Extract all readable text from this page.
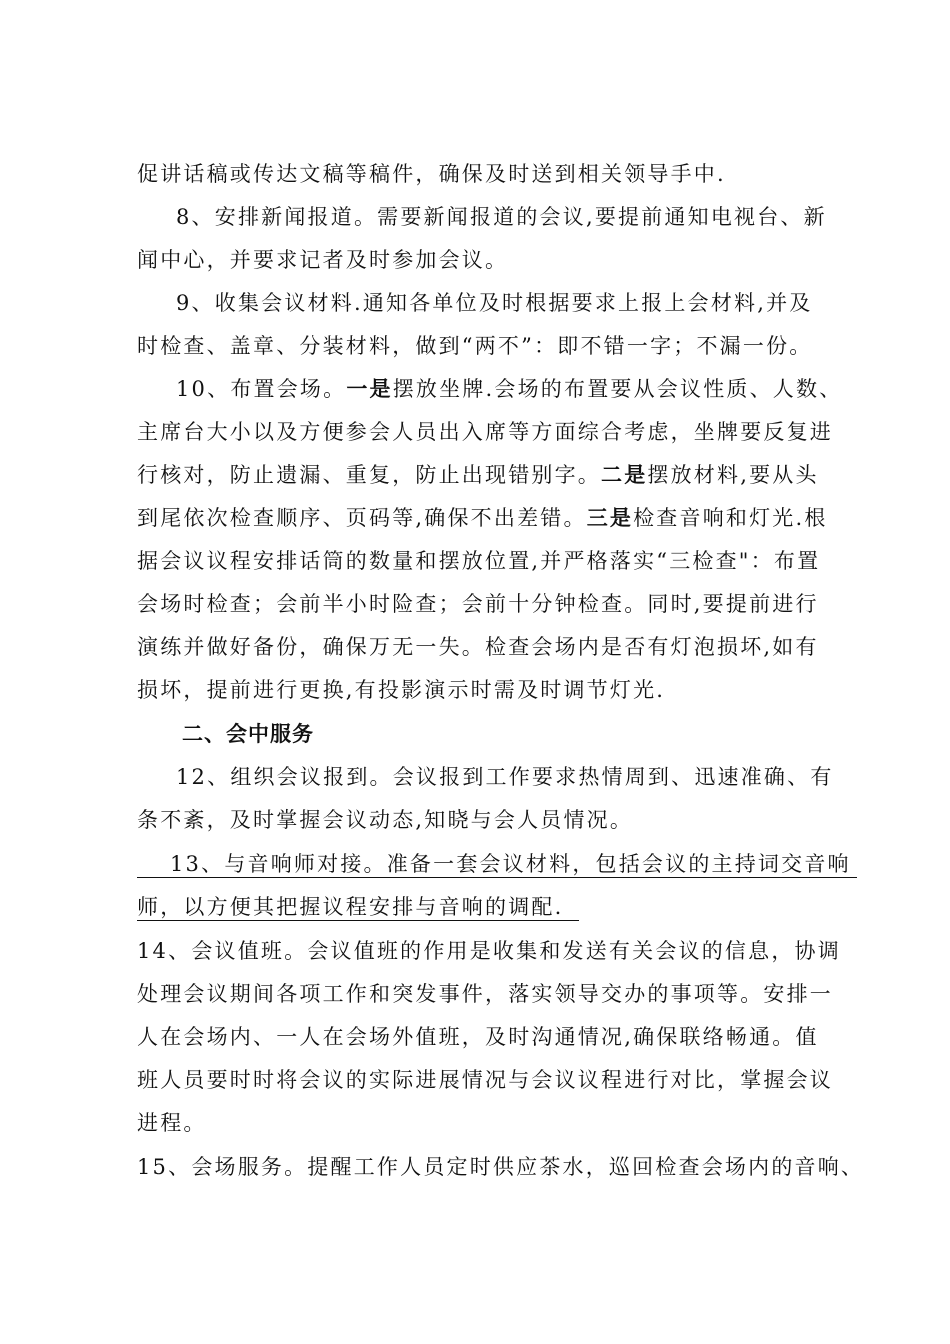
促讲话稿或传达文稿等稿件，确保及时送到相关领导手中.
8、安排新闻报道。需要新闻报道的会议,要提前通知电视台、新
闻中心，并要求记者及时参加会议。
9、收集会议材料.通知各单位及时根据要求上报上会材料,并及
时检查、盖章、分装材料，做到“两不”：即不错一字；不漏一份。
10、布置会场。一是摆放坐牌.会场的布置要从会议性质、人数、
主席台大小以及方便参会人员出入席等方面综合考虑，坐牌要反复进
行核对，防止遗漏、重复，防止出现错别字。二是摆放材料,要从头
到尾依次检查顺序、页码等,确保不出差错。三是检查音响和灯光.根
据会议议程安排话筒的数量和摆放位置,并严格落实“三检查"：布置
会场时检查；会前半小时险查；会前十分钟检查。同时,要提前进行
演练并做好备份，确保万无一失。检查会场内是否有灯泡损坏,如有
损坏，提前进行更换,有投影演示时需及时调节灯光.
二、会中服务
12、组织会议报到。会议报到工作要求热情周到、迅速准确、有
条不紊，及时掌握会议动态,知晓与会人员情况。
13、与音响师对接。准备一套会议材料，包括会议的主持词交音响
师，以方便其把握议程安排与音响的调配.
14、会议值班。会议值班的作用是收集和发送有关会议的信息，协调
处理会议期间各项工作和突发事件，落实领导交办的事项等。安排一
人在会场内、一人在会场外值班，及时沟通情况,确保联络畅通。值
班人员要时时将会议的实际进展情况与会议议程进行对比，掌握会议
进程。
15、会场服务。提醒工作人员定时供应茶水，巡回检查会场内的音响、
